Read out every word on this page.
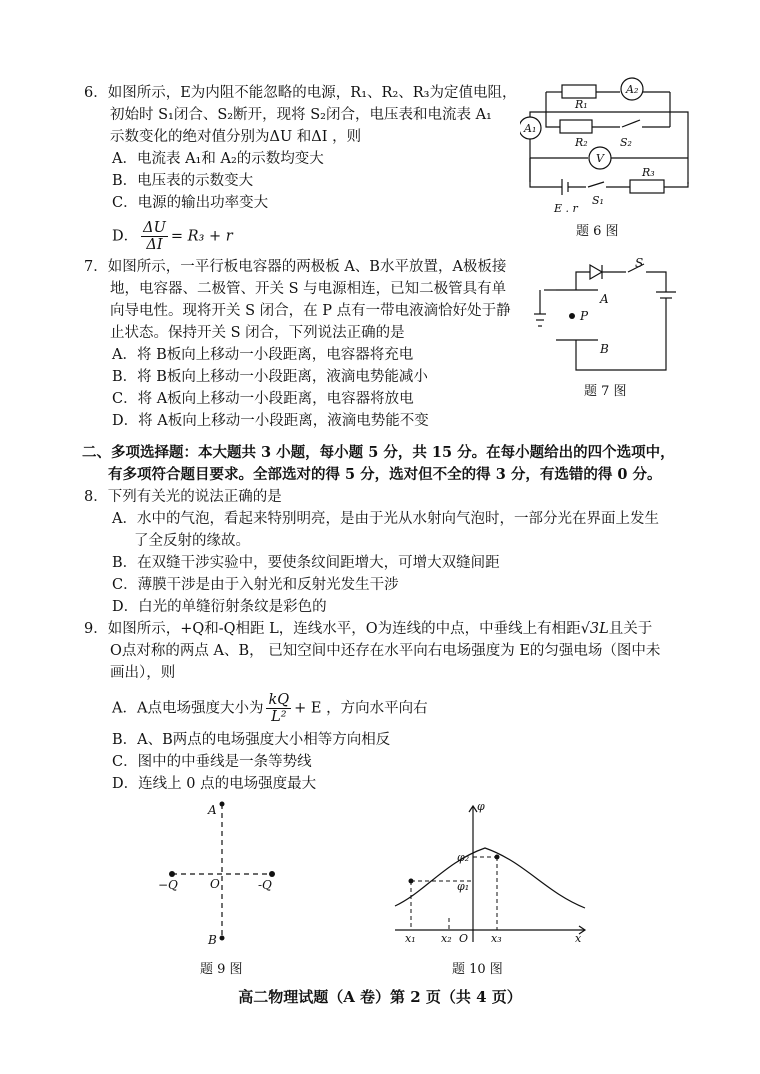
6．如图所示，E为内阻不能忽略的电源，R₁、R₂、R₃为定值电阻，
初始时 S₁闭合、S₂断开，现将 S₂闭合，电压表和电流表 A₁
示数变化的绝对值分别为ΔU 和ΔI ，则
A．电流表 A₁和 A₂的示数均变大
B．电压表的示数变大
C．电源的输出功率变大
D． $\frac{\Delta U}{\Delta I} = R_3 + r$
A₂
A₁
V
R₁
R₂	S₂
R₃
S₁
E . r
题 6 图
7．如图所示，一平行板电容器的两极板 A、B水平放置，A极板接
地，电容器、二极管、开关 S 与电源相连，已知二极管具有单
向导电性。现将开关 S 闭合，在 P 点有一带电液滴恰好处于静
止状态。保持开关 S 闭合，下列说法正确的是
A．将 B板向上移动一小段距离，电容器将充电
B．将 B板向上移动一小段距离，液滴电势能减小
C．将 A板向上移动一小段距离，电容器将放电
D．将 A板向上移动一小段距离，液滴电势能不变
S
A
P
B
题 7 图
二、多项选择题：本大题共 3 小题，每小题 5 分，共 15 分。在每小题给出的四个选项中，
有多项符合题目要求。全部选对的得 5 分，选对但不全的得 3 分，有选错的得 0 分。
8．下列有关光的说法正确的是
A．水中的气泡，看起来特别明亮，是由于光从水射向气泡时，一部分光在界面上发生
了全反射的缘故。
B．在双缝干涉实验中，要使条纹间距增大，可增大双缝间距
C．薄膜干涉是由于入射光和反射光发生干涉
D．白光的单缝衍射条纹是彩色的
9．如图所示，+Q和-Q相距 L，连线水平，O为连线的中点，中垂线上有相距√3L且关于
O点对称的两点 A、B， 已知空间中还存在水平向右电场强度为 E的匀强电场（图中未
画出），则
A．A点电场强度大小为 $\frac{kQ}{\text{L²}} + E$ ，方向水平向右
B．A、B两点的电场强度大小相等方向相反
C．图中的中垂线是一条等势线
D．连线上 0 点的电场强度最大
A
B
O
−Q	-Q
题 9 图
φ
φ₂
φ₁
x₁ x₂ O x₃	x
题 10 图
高二物理试题（A 卷）第 2 页（共 4 页）
